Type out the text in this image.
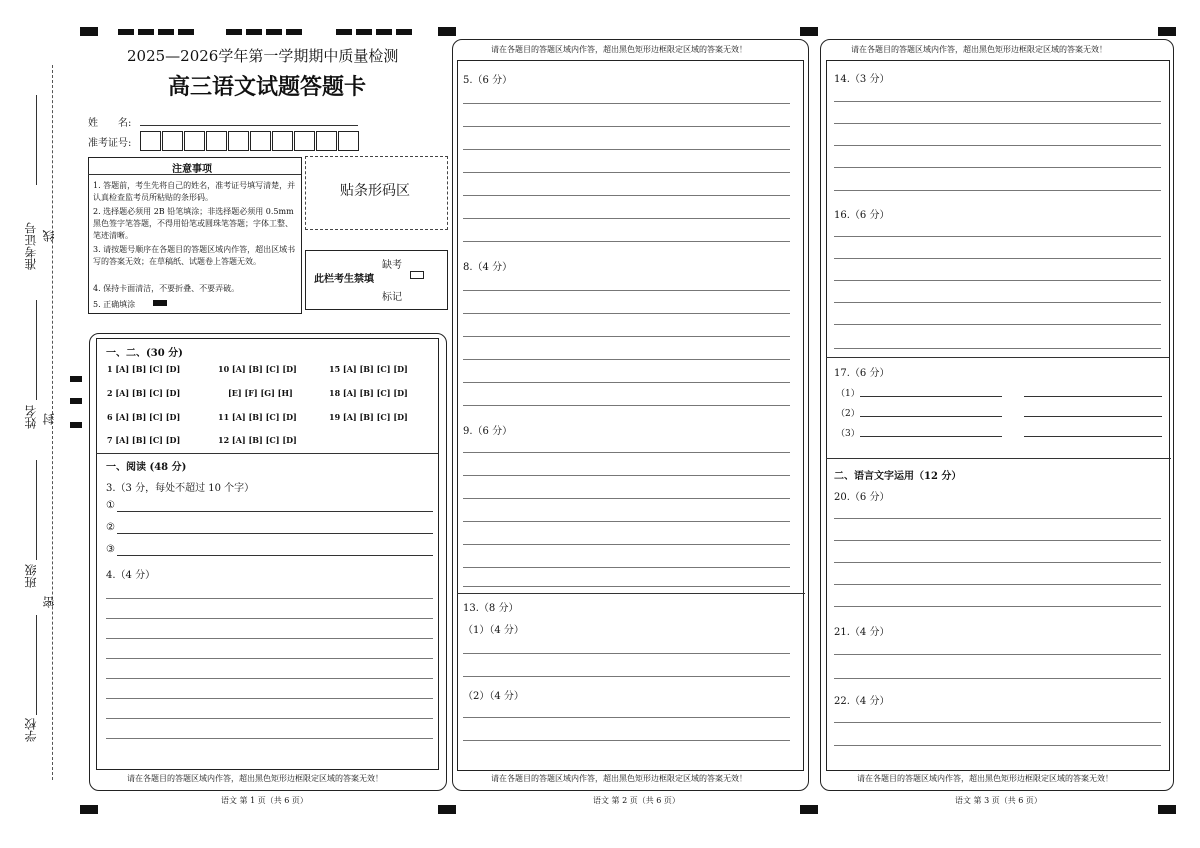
准考证号 线
姓名 封
班级
密
学校
2025—2026学年第一学期期中质量检测
高三语文试题答题卡
姓　　名:
准考证号:
注意事项
1. 答题前，考生先将自己的姓名，准考证号填写清楚，并认真检查监考员所粘贴的条形码。
2. 选择题必须用 2B 铅笔填涂；非选择题必须用 0.5mm 黑色签字笔答题，不得用铅笔或圆珠笔答题；字体工整、笔迹清晰。
3. 请按题号顺序在各题目的答题区域内作答，超出区域书写的答案无效；在草稿纸、试题卷上答题无效。
4. 保持卡面清洁，不要折叠、不要弄破。
5. 正确填涂
贴条形码区
此栏考生禁填
缺考
标记
一、二、(30 分)
1 [A] [B] [C] [D]	10 [A] [B] [C] [D]	15 [A] [B] [C] [D]
2 [A] [B] [C] [D]	[E] [F] [G] [H]	18 [A] [B] [C] [D]
6 [A] [B] [C] [D]	11 [A] [B] [C] [D]	19 [A] [B] [C] [D]
7 [A] [B] [C] [D]	12 [A] [B] [C] [D]
一、阅读 (48 分)
3.（3 分，每处不超过 10 个字）
①
②
③
4.（4 分）
请在各题目的答题区域内作答，超出黑色矩形边框限定区域的答案无效！
语文 第 1 页（共 6 页）
请在各题目的答题区域内作答，超出黑色矩形边框限定区域的答案无效！
5.（6 分）
8.（4 分）
9.（6 分）
13.（8 分）
（1）（4 分）
（2）（4 分）
请在各题目的答题区域内作答，超出黑色矩形边框限定区域的答案无效！
语文 第 2 页（共 6 页）
请在各题目的答题区域内作答，超出黑色矩形边框限定区域的答案无效！
14.（3 分）
16.（6 分）
17.（6 分）
（1）
（2）
（3）
二、语言文字运用（12 分）
20.（6 分）
21.（4 分）
22.（4 分）
请在各题目的答题区域内作答，超出黑色矩形边框限定区域的答案无效！
语文 第 3 页（共 6 页）
